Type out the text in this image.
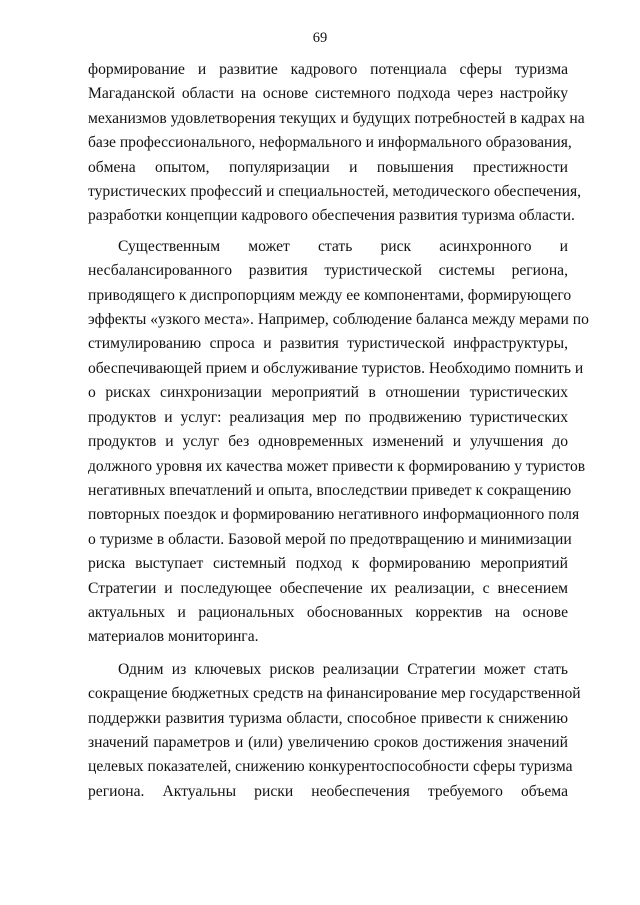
69
формирование и развитие кадрового потенциала сферы туризма
Магаданской области на основе системного подхода через настройку
механизмов удовлетворения текущих и будущих потребностей в кадрах на
базе профессионального, неформального и информального образования,
обмена опытом, популяризации и повышения престижности
туристических профессий и специальностей, методического обеспечения,
разработки концепции кадрового обеспечения развития туризма области.
Существенным может стать риск асинхронного и
несбалансированного развития туристической системы региона,
приводящего к диспропорциям между ее компонентами, формирующего
эффекты «узкого места». Например, соблюдение баланса между мерами по
стимулированию спроса и развития туристической инфраструктуры,
обеспечивающей прием и обслуживание туристов. Необходимо помнить и
о рисках синхронизации мероприятий в отношении туристических
продуктов и услуг: реализация мер по продвижению туристических
продуктов и услуг без одновременных изменений и улучшения до
должного уровня их качества может привести к формированию у туристов
негативных впечатлений и опыта, впоследствии приведет к сокращению
повторных поездок и формированию негативного информационного поля
о туризме в области. Базовой мерой по предотвращению и минимизации
риска выступает системный подход к формированию мероприятий
Стратегии и последующее обеспечение их реализации, с внесением
актуальных и рациональных обоснованных корректив на основе
материалов мониторинга.
Одним из ключевых рисков реализации Стратегии может стать
сокращение бюджетных средств на финансирование мер государственной
поддержки развития туризма области, способное привести к снижению
значений параметров и (или) увеличению сроков достижения значений
целевых показателей, снижению конкурентоспособности сферы туризма
региона. Актуальны риски необеспечения требуемого объема
